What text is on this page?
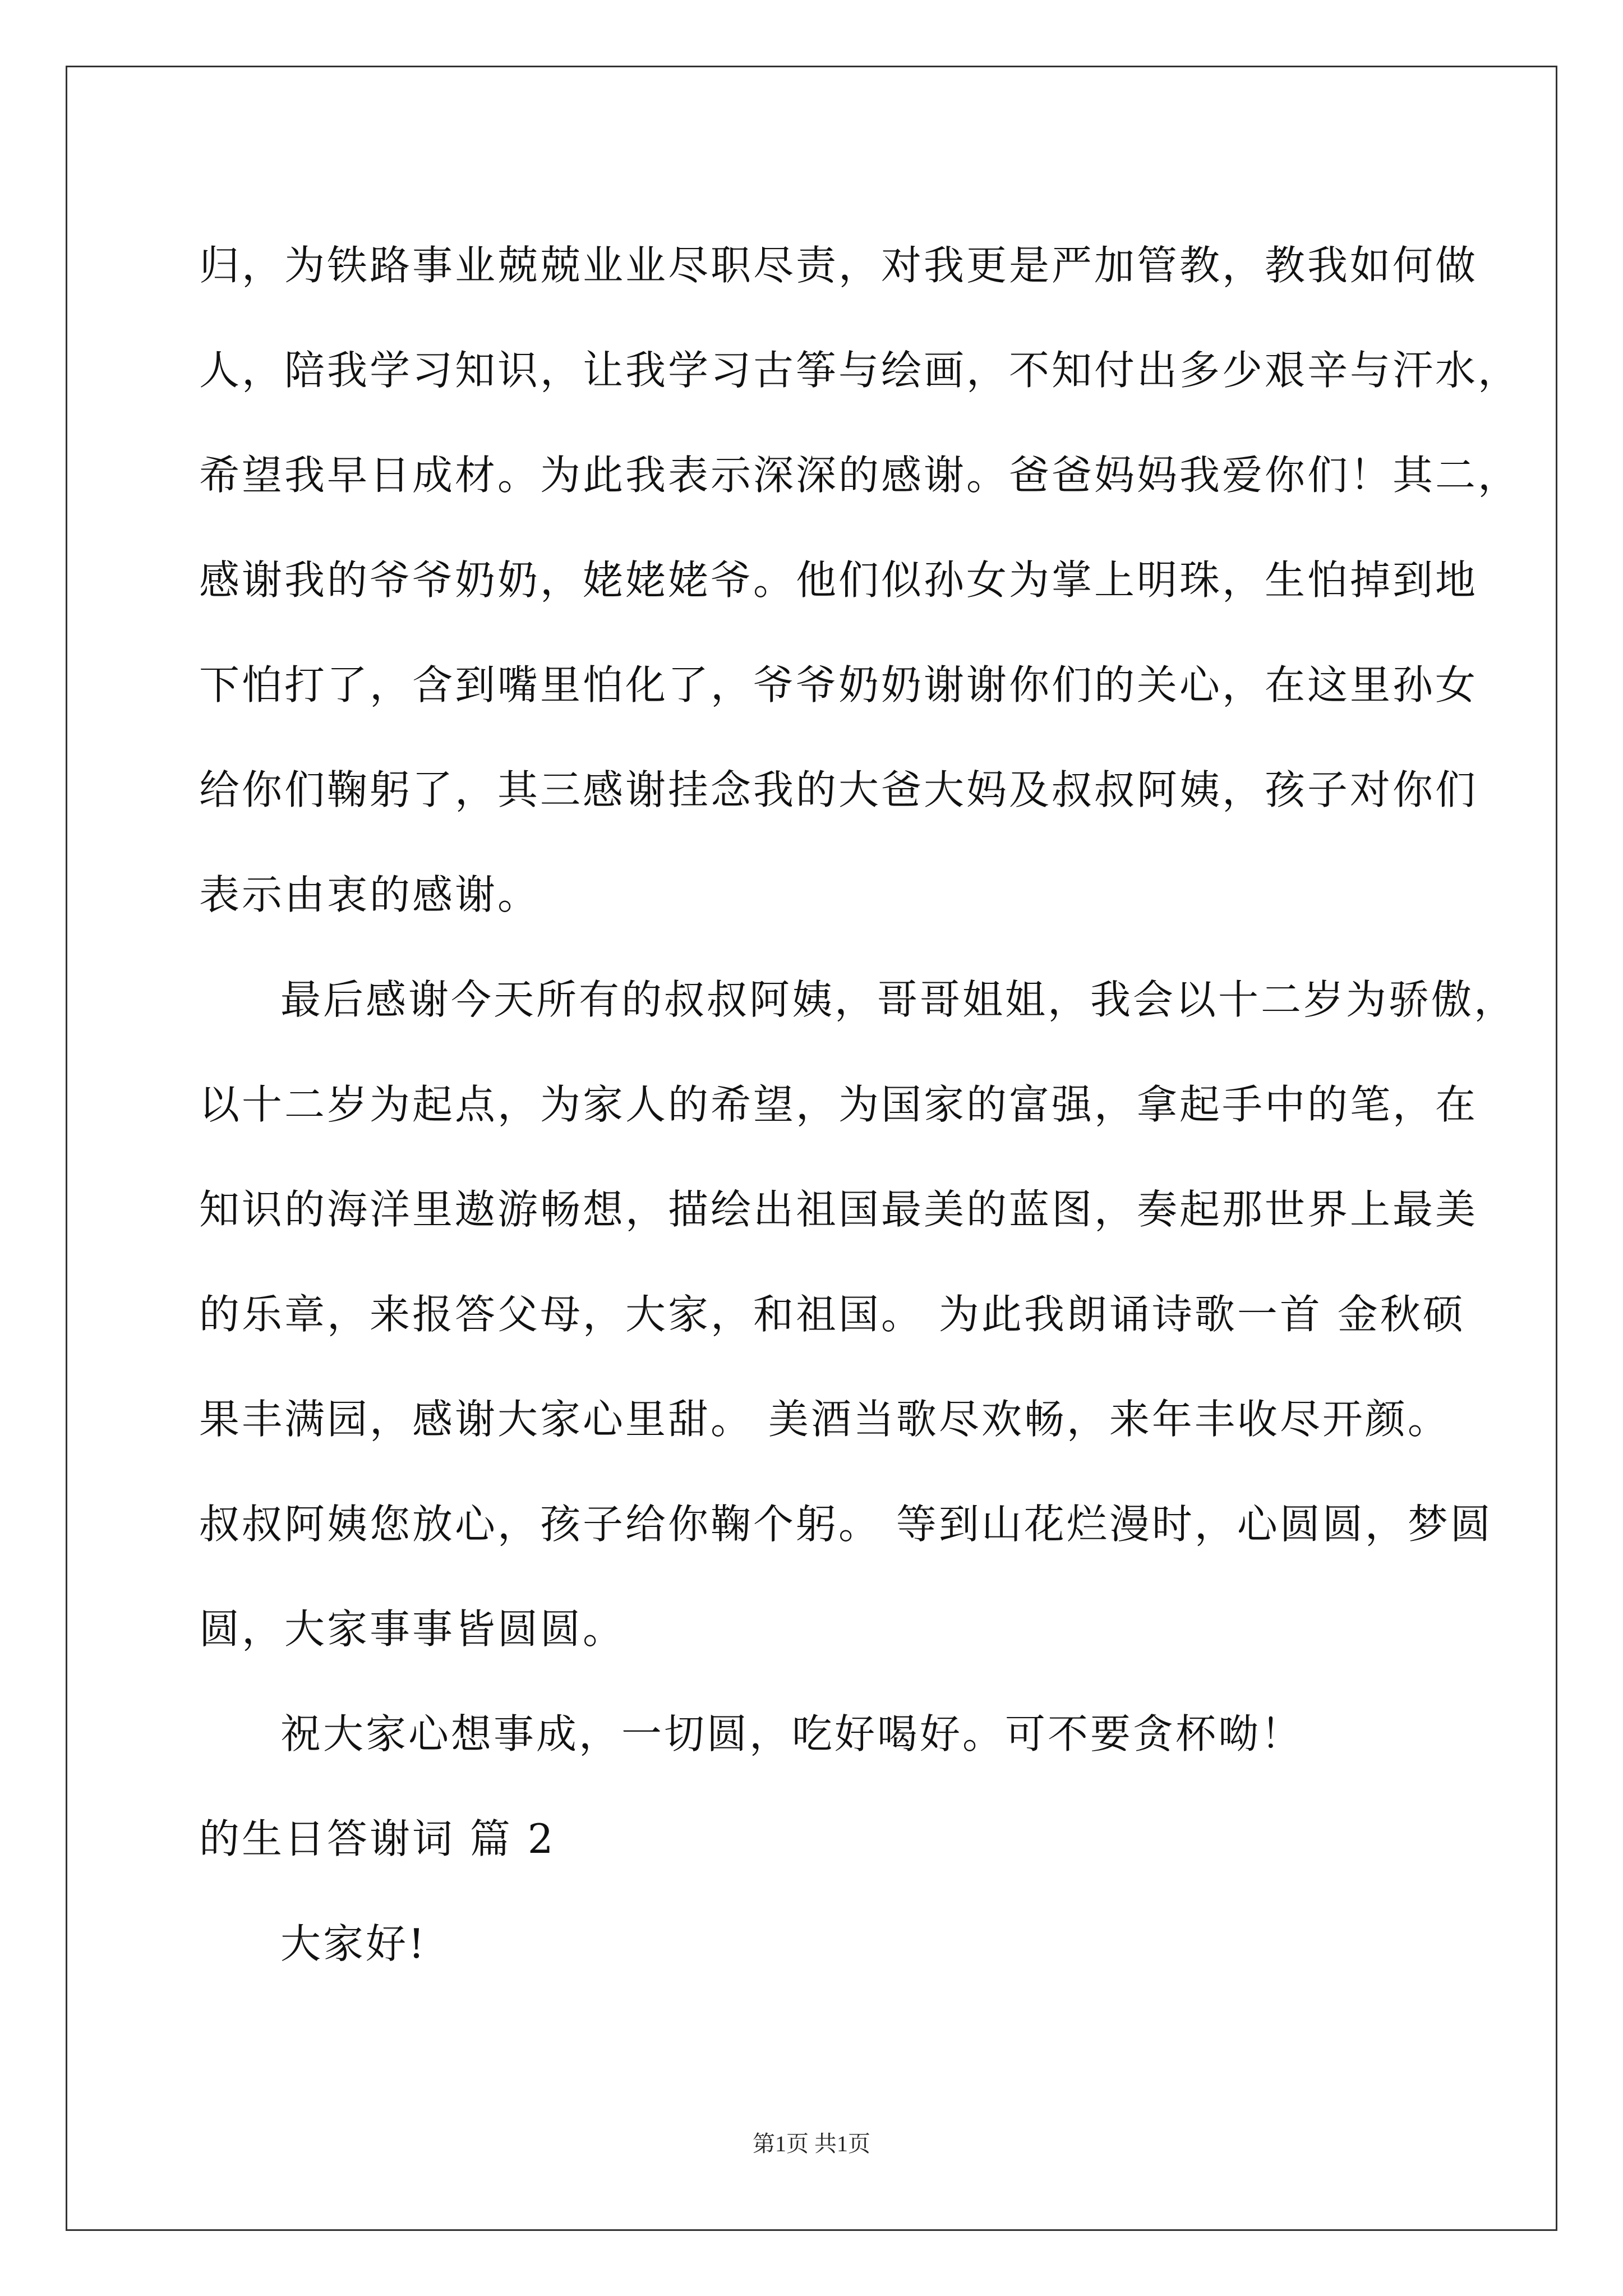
归，为铁路事业兢兢业业尽职尽责，对我更是严加管教，教我如何做
人，陪我学习知识，让我学习古筝与绘画，不知付出多少艰辛与汗水，
希望我早日成材。为此我表示深深的感谢。爸爸妈妈我爱你们！其二，
感谢我的爷爷奶奶，姥姥姥爷。他们似孙女为掌上明珠，生怕掉到地
下怕打了，含到嘴里怕化了，爷爷奶奶谢谢你们的关心，在这里孙女
给你们鞠躬了，其三感谢挂念我的大爸大妈及叔叔阿姨，孩子对你们
表示由衷的感谢。
最后感谢今天所有的叔叔阿姨，哥哥姐姐，我会以十二岁为骄傲，
以十二岁为起点，为家人的希望，为国家的富强，拿起手中的笔，在
知识的海洋里遨游畅想，描绘出祖国最美的蓝图，奏起那世界上最美
的乐章，来报答父母，大家，和祖国。 为此我朗诵诗歌一首 金秋硕
果丰满园，感谢大家心里甜。 美酒当歌尽欢畅，来年丰收尽开颜。
叔叔阿姨您放心，孩子给你鞠个躬。 等到山花烂漫时，心圆圆，梦圆
圆，大家事事皆圆圆。
祝大家心想事成，一切圆，吃好喝好。可不要贪杯呦！
的生日答谢词 篇 2
大家好!
第1页 共1页
